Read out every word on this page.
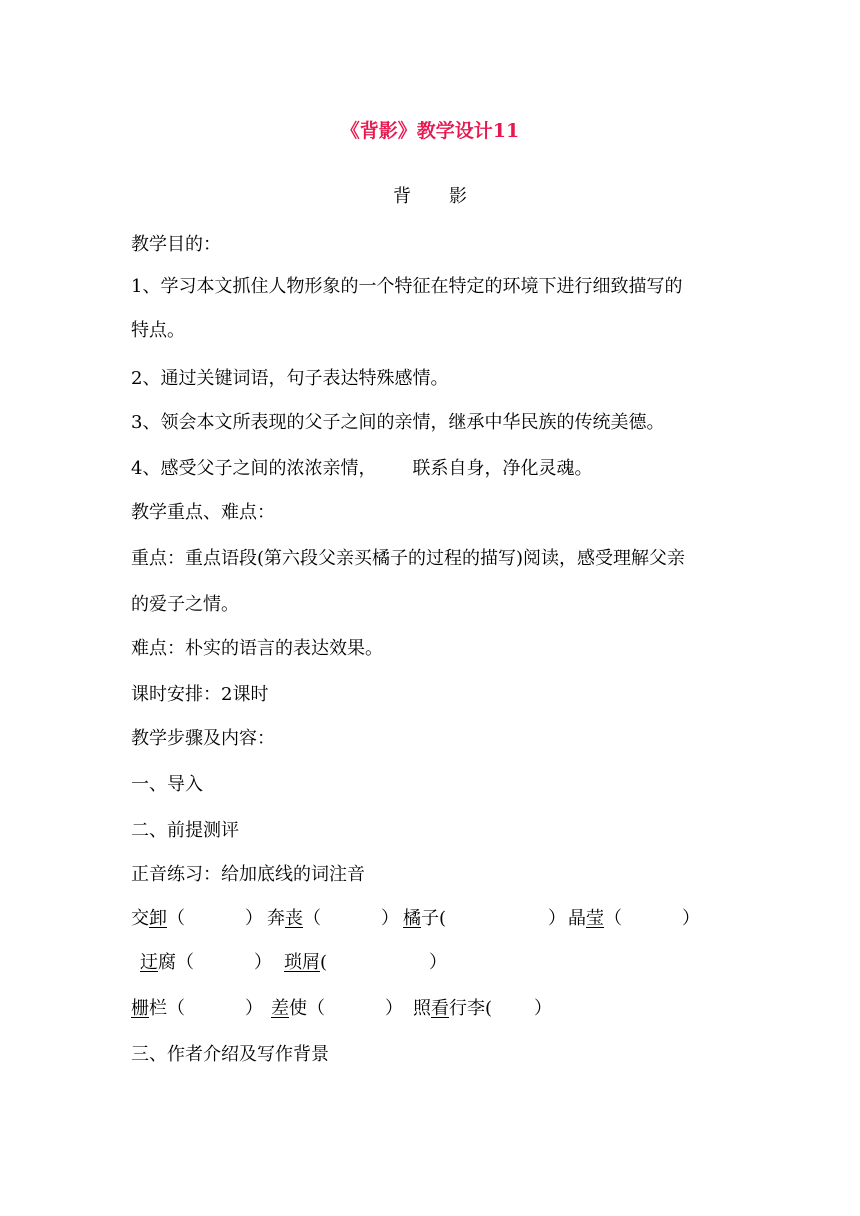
《背影》教学设计11
背 影
教学目的：
1、学习本文抓住人物形象的一个特征在特定的环境下进行细致描写的
特点。
2、通过关键词语，句子表达特殊感情。
3、领会本文所表现的父子之间的亲情，继承中华民族的传统美德。
4、感受父子之间的浓浓亲情， 联系自身，净化灵魂。
教学重点、难点：
重点：重点语段(第六段父亲买橘子的过程的描写)阅读，感受理解父亲
的爱子之情。
难点：朴实的语言的表达效果。
课时安排：2课时
教学步骤及内容：
一、导入
二、前提测评
正音练习：给加底线的词注音
交卸（	） 奔丧（	） 橘子(	） 晶莹（	）
迂腐（	） 琐屑(	）
栅栏（	） 差使（	） 照看行李( ）
三、作者介绍及写作背景
